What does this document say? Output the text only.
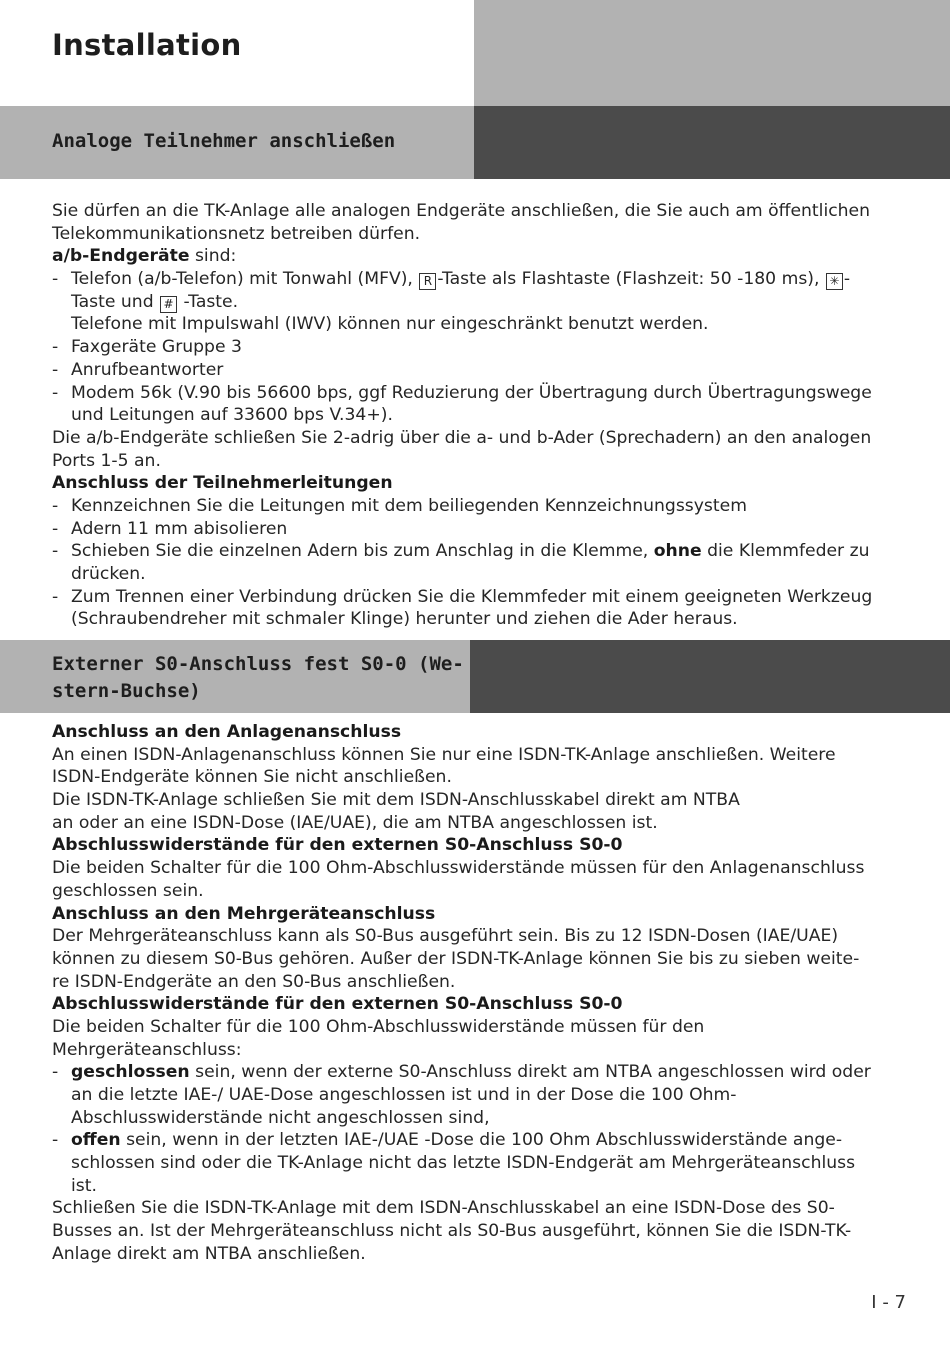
Installation
Analoge Teilnehmer anschließen
Sie dürfen an die TK-Anlage alle analogen Endgeräte anschließen, die Sie auch am öffentlichen
Telekommunikationsnetz betreiben dürfen.
a/b-Endgeräte sind:
- Telefon (a/b-Telefon) mit Tonwahl (MFV), R -Taste als Flashtaste (Flashzeit: 50 -180 ms), ✳ -
Taste und # -Taste.
Telefone mit Impulswahl (IWV) können nur eingeschränkt benutzt werden.
- Faxgeräte Gruppe 3
- Anrufbeantworter
- Modem 56k (V.90 bis 56600 bps, ggf Reduzierung der Übertragung durch Übertragungswege
und Leitungen auf 33600 bps V.34+).
Die a/b-Endgeräte schließen Sie 2-adrig über die a- und b-Ader (Sprechadern) an den analogen
Ports 1-5 an.
Anschluss der Teilnehmerleitungen
- Kennzeichnen Sie die Leitungen mit dem beiliegenden Kennzeichnungssystem
- Adern 11 mm abisolieren
- Schieben Sie die einzelnen Adern bis zum Anschlag in die Klemme, ohne die Klemmfeder zu
drücken.
- Zum Trennen einer Verbindung drücken Sie die Klemmfeder mit einem geeigneten Werkzeug
(Schraubendreher mit schmaler Klinge) herunter und ziehen die Ader heraus.
Externer S0-Anschluss fest S0-0 (We-
stern-Buchse)
Anschluss an den Anlagenanschluss
An einen ISDN-Anlagenanschluss können Sie nur eine ISDN-TK-Anlage anschließen. Weitere
ISDN-Endgeräte können Sie nicht anschließen.
Die ISDN-TK-Anlage schließen Sie mit dem ISDN-Anschlusskabel direkt am NTBA
an oder an eine ISDN-Dose (IAE/UAE), die am NTBA angeschlossen ist.
Abschlusswiderstände für den externen S0-Anschluss S0-0
Die beiden Schalter für die 100 Ohm-Abschlusswiderstände müssen für den Anlagenanschluss
geschlossen sein.
Anschluss an den Mehrgeräteanschluss
Der Mehrgeräteanschluss kann als S0-Bus ausgeführt sein. Bis zu 12 ISDN-Dosen (IAE/UAE)
können zu diesem S0-Bus gehören. Außer der ISDN-TK-Anlage können Sie bis zu sieben weite-
re ISDN-Endgeräte an den S0-Bus anschließen.
Abschlusswiderstände für den externen S0-Anschluss S0-0
Die beiden Schalter für die 100 Ohm-Abschlusswiderstände müssen für den
Mehrgeräteanschluss:
- geschlossen sein, wenn der externe S0-Anschluss direkt am NTBA angeschlossen wird oder
an die letzte IAE-/ UAE-Dose angeschlossen ist und in der Dose die 100 Ohm-
Abschlusswiderstände nicht angeschlossen sind,
- offen sein, wenn in der letzten IAE-/UAE -Dose die 100 Ohm Abschlusswiderstände ange-
schlossen sind oder die TK-Anlage nicht das letzte ISDN-Endgerät am Mehrgeräteanschluss
ist.
Schließen Sie die ISDN-TK-Anlage mit dem ISDN-Anschlusskabel an eine ISDN-Dose des S0-
Busses an. Ist der Mehrgeräteanschluss nicht als S0-Bus ausgeführt, können Sie die ISDN-TK-
Anlage direkt am NTBA anschließen.
I - 7
